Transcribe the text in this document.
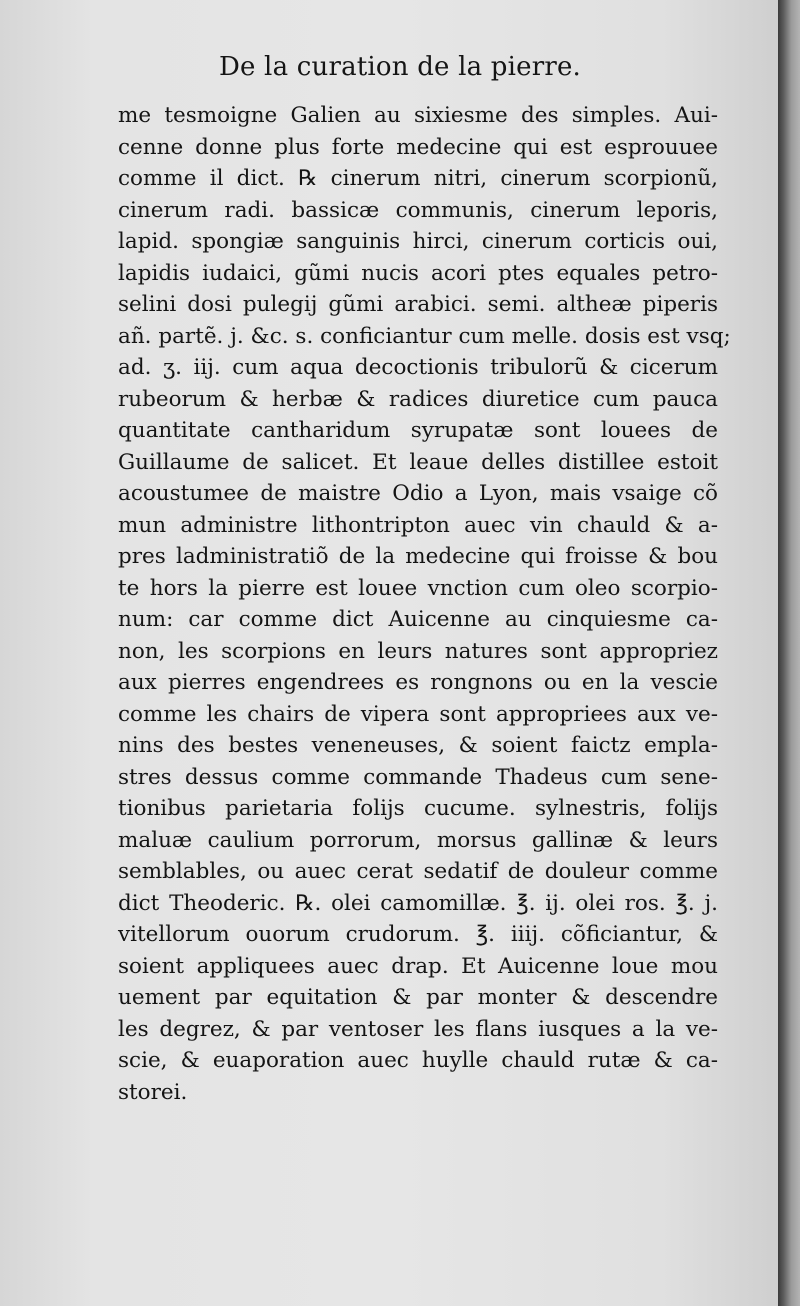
De la curation de la pierre.
me tesmoigne Galien au sixiesme des simples. Aui-
cenne donne plus forte medecine qui est esprouuee
comme il dict. ℞ cinerum nitri, cinerum scorpionũ,
cinerum radi. bassicæ communis, cinerum leporis,
lapid. spongiæ sanguinis hirci, cinerum corticis oui,
lapidis iudaici, gũmi nucis acori ptes equales petro-
selini dosi pulegij gũmi arabici. semi. altheæ piperis
añ. partẽ. j. &c. s. conficiantur cum melle. dosis est vsq;
ad. ʒ. iij. cum aqua decoctionis tribulorũ & cicerum
rubeorum & herbæ & radices diuretice cum pauca
quantitate cantharidum syrupatæ sont louees de
Guillaume de salicet. Et leaue delles distillee estoit
acoustumee de maistre Odio a Lyon, mais vsaige cõ
mun administre lithontripton auec vin chauld & a-
pres ladministratiõ de la medecine qui froisse & bou
te hors la pierre est louee vnction cum oleo scorpio-
num: car comme dict Auicenne au cinquiesme ca-
non, les scorpions en leurs natures sont appropriez
aux pierres engendrees es rongnons ou en la vescie
comme les chairs de vipera sont appropriees aux ve-
nins des bestes veneneuses, & soient faictz empla-
stres dessus comme commande Thadeus cum sene-
tionibus parietaria folijs cucume. sylnestris, folijs
maluæ caulium porrorum, morsus gallinæ & leurs
semblables, ou auec cerat sedatif de douleur comme
dict Theoderic. ℞. olei camomillæ. ℥. ij. olei ros. ℥. j.
vitellorum ouorum crudorum. ℥. iiij. cõficiantur, &
soient appliquees auec drap. Et Auicenne loue mou
uement par equitation & par monter & descendre
les degrez, & par ventoser les flans iusques a la ve-
scie, & euaporation auec huylle chauld rutæ & ca-
storei.
